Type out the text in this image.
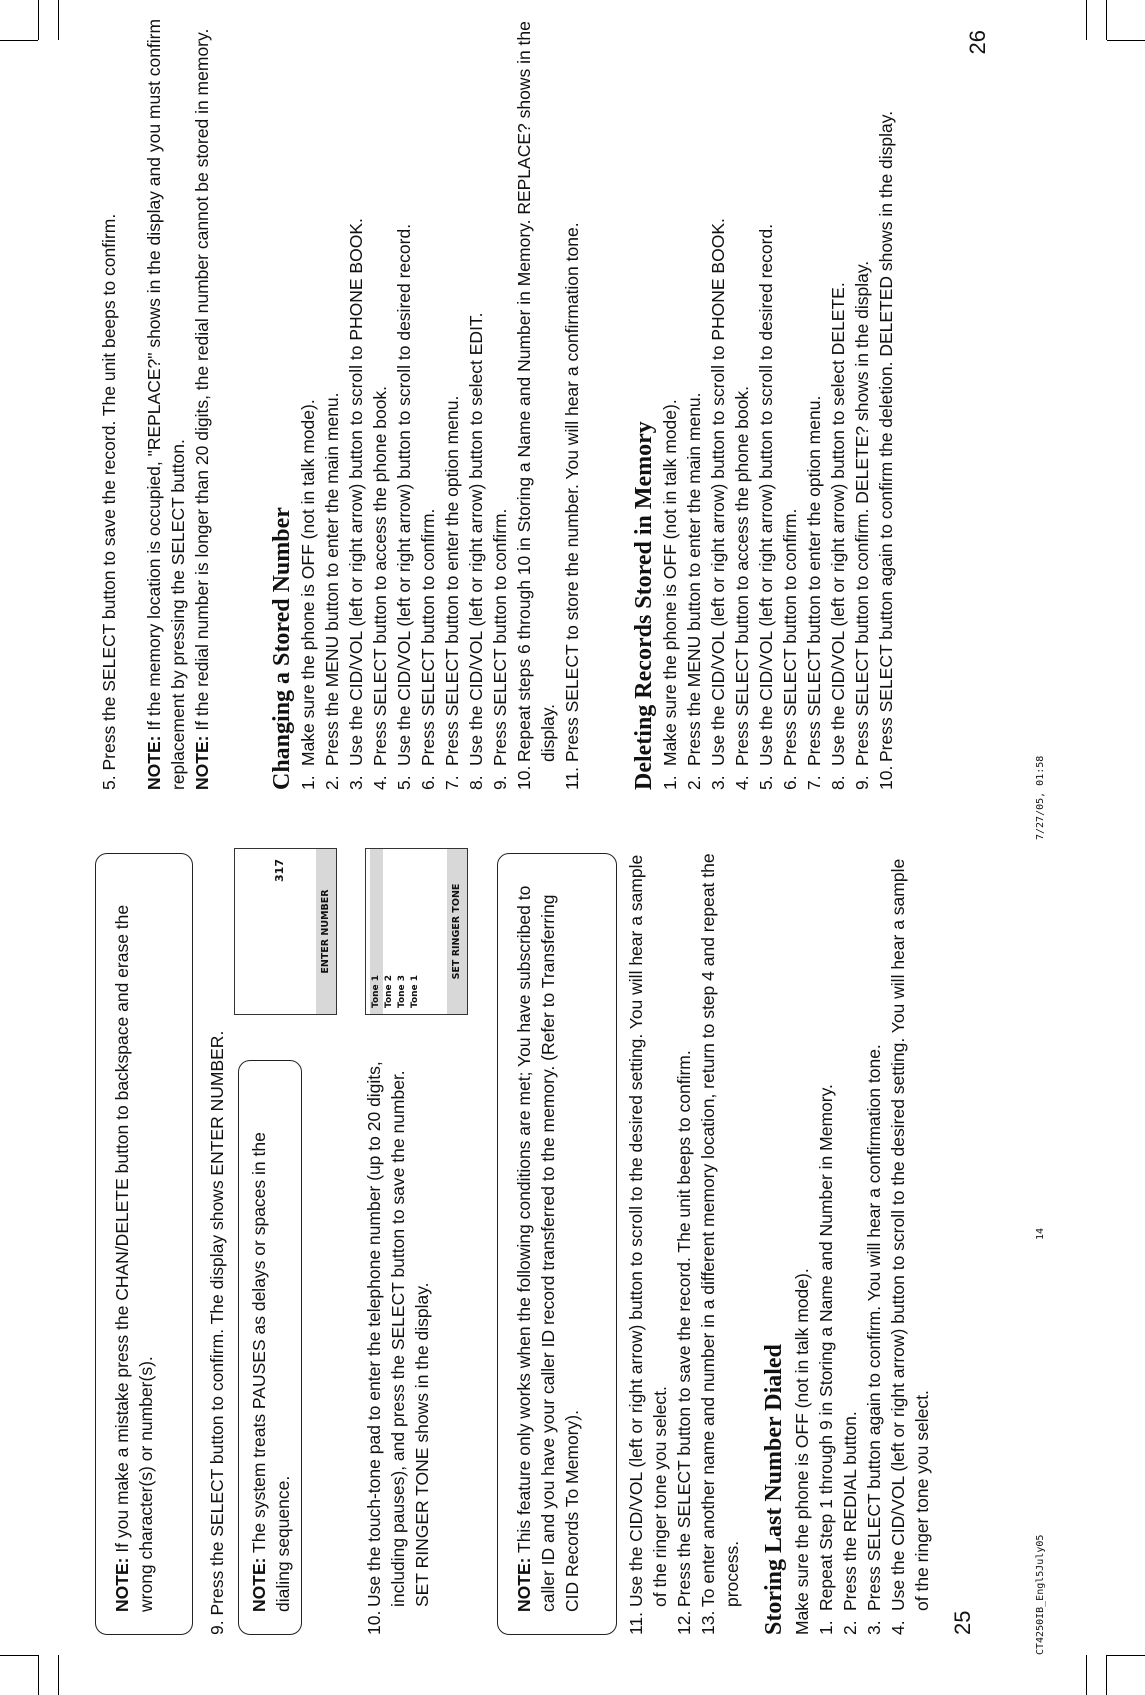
NOTE: If you make a mistake press the CHAN/DELETE button to backspace and erase the wrong character(s) or number(s).	9. Press the SELECT button to confirm. The display shows ENTER NUMBER. NOTE: The system treats PAUSES as delays or spaces in the dialing sequence.

317
ENTER NUMBER
10.

Use the touch-tone pad to enter the telephone number (up to 20 digits, including pauses), and press the SELECT button to save the number. SET RINGER TONE shows in the display.

Tone 1 Tone 2 Tone 3 Tone 1
SET RINGER TONE

NOTE: This feature only works when the following conditions are met; You have subscribed to caller ID and you have your caller ID record transferred to the memory. (Refer to Transferring CID Records To Memory).

11.
Use the CID/VOL (left or right arrow) button to scroll to the desired setting. You will hear a sample of the ringer tone you select.
12.
Press the SELECT button to save the record. The unit beeps to confirm.
13.
To enter another name and number in a different memory location, return to step 4 and repeat the process. Storing Last Number Dialed Make sure the phone is OFF (not in talk mode). 1.
Repeat Step 1 through 9 in Storing a Name and Number in Memory.
2.
Press the REDIAL button.
3.
Press SELECT button again to confirm. You will hear a confirmation tone.
4.
Use the CID/VOL (left or right arrow) button to scroll to the desired setting. You will hear a sample of the ringer tone you select.
25	CT4250IB_Engl5July05
14

5. Press the SELECT button to save the record. The unit beeps to confirm. NOTE: If the memory location is occupied, "REPLACE?" shows in the display and you must confirm replacement by pressing the SELECT button. NOTE: If the redial number is longer than 20 digits, the redial number cannot be stored in memory. Changing a Stored Number 1.
Make sure the phone is OFF (not in talk mode).
2.
Press the MENU button to enter the main menu.
3.
Use the CID/VOL (left or right arrow) button to scroll to PHONE BOOK.
4.
Press SELECT button to access the phone book.
5.
Use the CID/VOL (left or right arrow) button to scroll to desired record.
6.
Press SELECT button to confirm.
7.
Press SELECT button to enter the option menu.
8.
Use the CID/VOL (left or right arrow) button to select EDIT.
9.
Press SELECT button to confirm.
10.
Repeat steps 6 through 10 in Storing a Name and Number in Memory. REPLACE? shows in the display.
11.
Press SELECT to store the number. You will hear a confirmation tone. Deleting Records Stored in Memory 1.
Make sure the phone is OFF (not in talk mode).
2.
Press the MENU button to enter the main menu.
3.
Use the CID/VOL (left or right arrow) button to scroll to PHONE BOOK.
4.
Press SELECT button to access the phone book.
5.
Use the CID/VOL (left or right arrow) button to scroll to desired record.
6.
Press SELECT button to confirm.
7.
Press SELECT button to enter the option menu.
8.
Use the CID/VOL (left or right arrow) button to select DELETE.
9.
Press SELECT button to confirm. DELETE? shows in the display.
10.
Press SELECT button again to confirm the deletion. DELETED shows in the display.
26
7/27/05, 01:58
